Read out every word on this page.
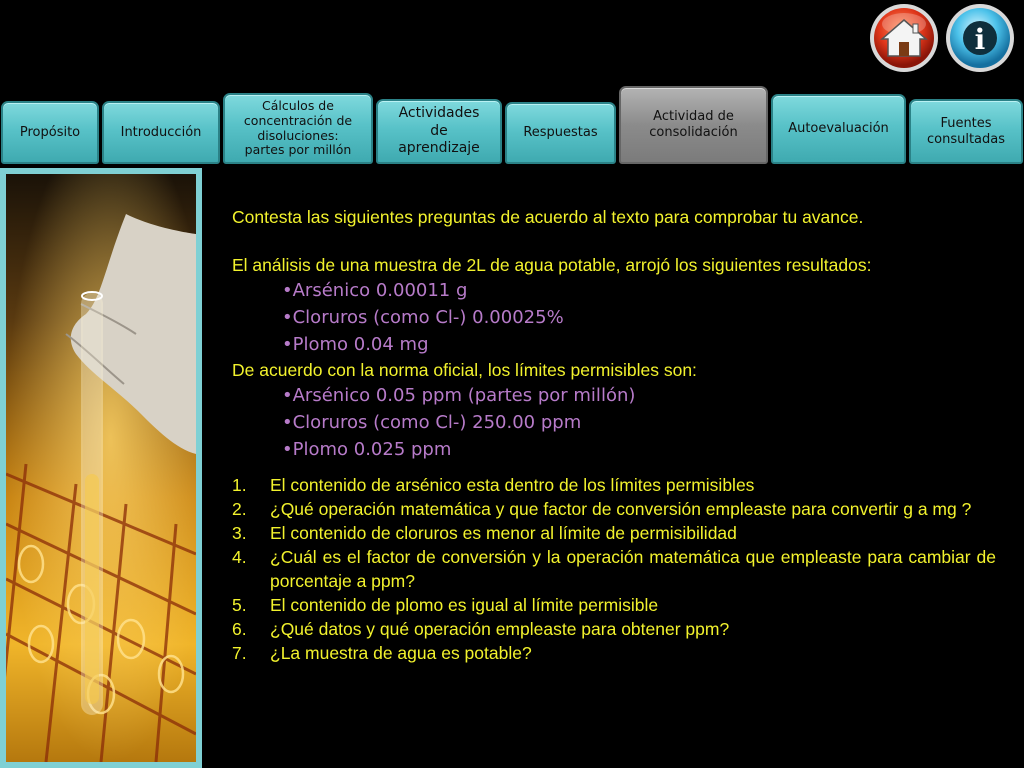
i
Propósito	Introducción
Cálculos de
concentración de
disoluciones:
partes por millón
Actividades
de
aprendizaje
Respuestas
Actividad de
consolidación	Autoevaluación	Fuentes
consultadas

Contesta las siguientes preguntas de acuerdo al texto para comprobar tu avance.

El análisis de una muestra de 2L de agua potable, arrojó los siguientes resultados:

•Arsénico 0.00011 g
•Cloruros (como Cl-) 0.00025%
•Plomo 0.04 mg

De acuerdo con la norma oficial, los límites permisibles son:

•Arsénico 0.05 ppm (partes por millón)
•Cloruros (como Cl-) 250.00 ppm
•Plomo 0.025 ppm
1.	El contenido de arsénico esta dentro de los límites permisibles
2.	¿Qué operación matemática y que factor de conversión empleaste para convertir g a mg ?
3.	El contenido de cloruros es menor al límite de permisibilidad
4.	¿Cuál es el factor de conversión y la operación matemática que empleaste para cambiar de porcentaje a ppm?
5.	El contenido de plomo es igual al límite permisible
6.	¿Qué datos y qué operación empleaste para obtener ppm?
7.	¿La muestra de agua es potable?
